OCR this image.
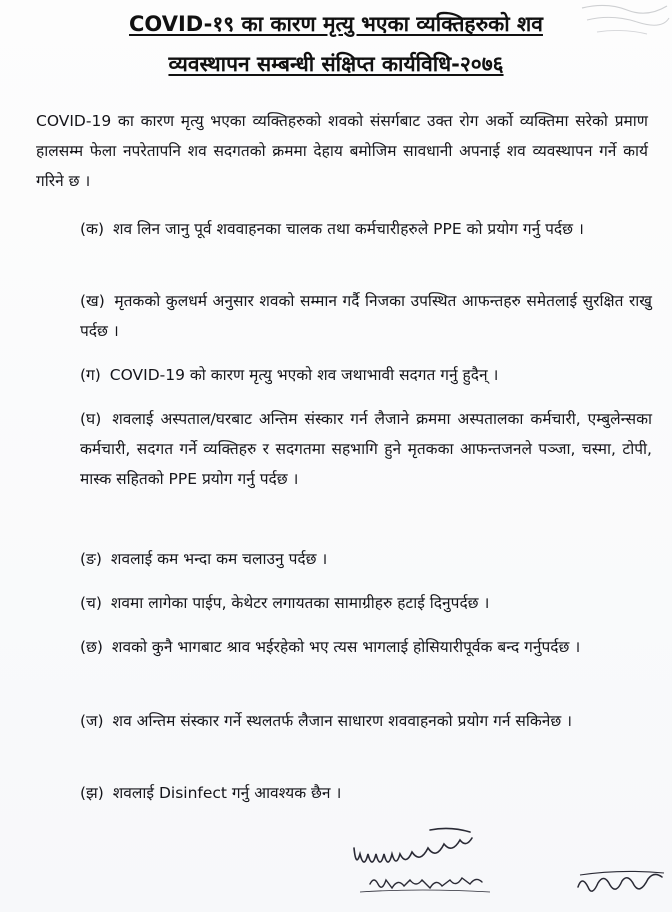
COVID-१९ का कारण मृत्यु भएका व्यक्तिहरुको शव
व्यवस्थापन सम्बन्धी संक्षिप्त कार्यविधि-२०७६
COVID-19 का कारण मृत्यु भएका व्यक्तिहरुको शवको संसर्गबाट उक्त रोग अर्को व्यक्तिमा सरेको प्रमाण हालसम्म फेला नपरेतापनि शव सदगतको क्रममा देहाय बमोजिम सावधानी अपनाई शव व्यवस्थापन गर्ने कार्य गरिने छ ।
(क) शव लिन जानु पूर्व शववाहनका चालक तथा कर्मचारीहरुले PPE को प्रयोग गर्नु पर्दछ ।
(ख) मृतकको कुलधर्म अनुसार शवको सम्मान गर्दै निजका उपस्थित आफन्तहरु समेतलाई सुरक्षित राखु पर्दछ ।
(ग) COVID-19 को कारण मृत्यु भएको शव जथाभावी सदगत गर्नु हुदैन् ।
(घ) शवलाई अस्पताल/घरबाट अन्तिम संस्कार गर्न लैजाने क्रममा अस्पतालका कर्मचारी, एम्बुलेन्सका कर्मचारी, सदगत गर्ने व्यक्तिहरु र सदगतमा सहभागि हुने मृतकका आफन्तजनले पञ्जा, चस्मा, टोपी, मास्क सहितको PPE प्रयोग गर्नु पर्दछ ।
(ङ) शवलाई कम भन्दा कम चलाउनु पर्दछ ।
(च) शवमा लागेका पाईप, केथेटर लगायतका सामाग्रीहरु हटाई दिनुपर्दछ ।
(छ) शवको कुनै भागबाट श्राव भईरहेको भए त्यस भागलाई होसियारीपूर्वक बन्द गर्नुपर्दछ ।
(ज) शव अन्तिम संस्कार गर्ने स्थलतर्फ लैजान साधारण शववाहनको प्रयोग गर्न सकिनेछ ।
(झ) शवलाई Disinfect गर्नु आवश्यक छैन ।
